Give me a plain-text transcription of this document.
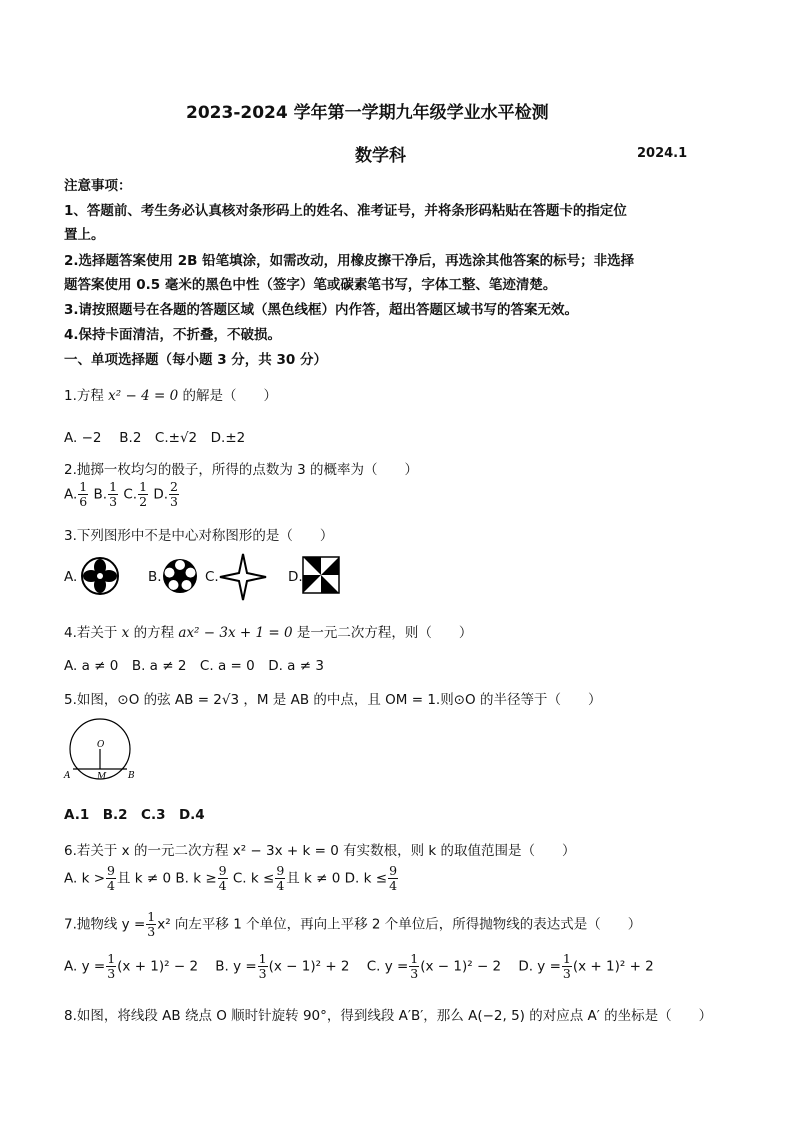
2023-2024 学年第一学期九年级学业水平检测
数学科	2024.1
注意事项：
1、答题前、考生务必认真核对条形码上的姓名、准考证号，并将条形码粘贴在答题卡的指定位
置上。
2.选择题答案使用 2B 铅笔填涂，如需改动，用橡皮擦干净后，再选涂其他答案的标号；非选择
题答案使用 0.5 毫米的黑色中性（签字）笔或碳素笔书写，字体工整、笔迹清楚。
3.请按照题号在各题的答题区域（黑色线框）内作答，超出答题区域书写的答案无效。
4.保持卡面清洁，不折叠，不破损。
一、单项选择题（每小题 3 分，共 30 分）
1.方程 x² − 4 = 0 的解是（　　）
A. −2　 B.2　C.±√2　D.±2
2.抛掷一枚均匀的骰子，所得的点数为 3 的概率为（　　）
A. $\frac{1}{6} B$. $\frac{1}{3} C$. $\frac{1}{2} D$. $\frac{2}{3}$
3.下列图形中不是中心对称图形的是（　　）
A.	B.	C.	D.
4.若关于 x 的方程 ax² − 3x + 1 = 0 是一元二次方程，则（　　）
A. a ≠ 0　B. a ≠ 2　C. a = 0　D. a ≠ 3
5.如图，⊙O 的弦 AB = 2√3 ，M 是 AB 的中点，且 OM = 1.则⊙O 的半径等于（　　）
O
A	M B
A.1　B.2　C.3　D.4
6.若关于 x 的一元二次方程 x² − 3x + k = 0 有实数根，则 k 的取值范围是（　　）
A. $k > \frac{9}{4}$ 且 k ≠ 0 B. $k \ge \frac{9}{4} C$. $k \le \frac{9}{4}$ 且 k ≠ 0 D. $k \le \frac{9}{4}$
7.抛物线 $y = \frac{1}{3} x^2$ 向左平移 1 个单位，再向上平移 2 个单位后，所得抛物线的表达式是（　　）
A. $y = \frac{1}{3} (x + 1)^2 - 2$ B. $y = \frac{1}{3} (x - 1)^2 + 2$ C. $y = \frac{1}{3} (x - 1)^2 - 2$ D. $y = \frac{1}{3} (x + 1)^2 + 2$
8.如图，将线段 AB 绕点 O 顺时针旋转 90°，得到线段 A′B′，那么 A(−2, 5) 的对应点 A′ 的坐标是（　　）
